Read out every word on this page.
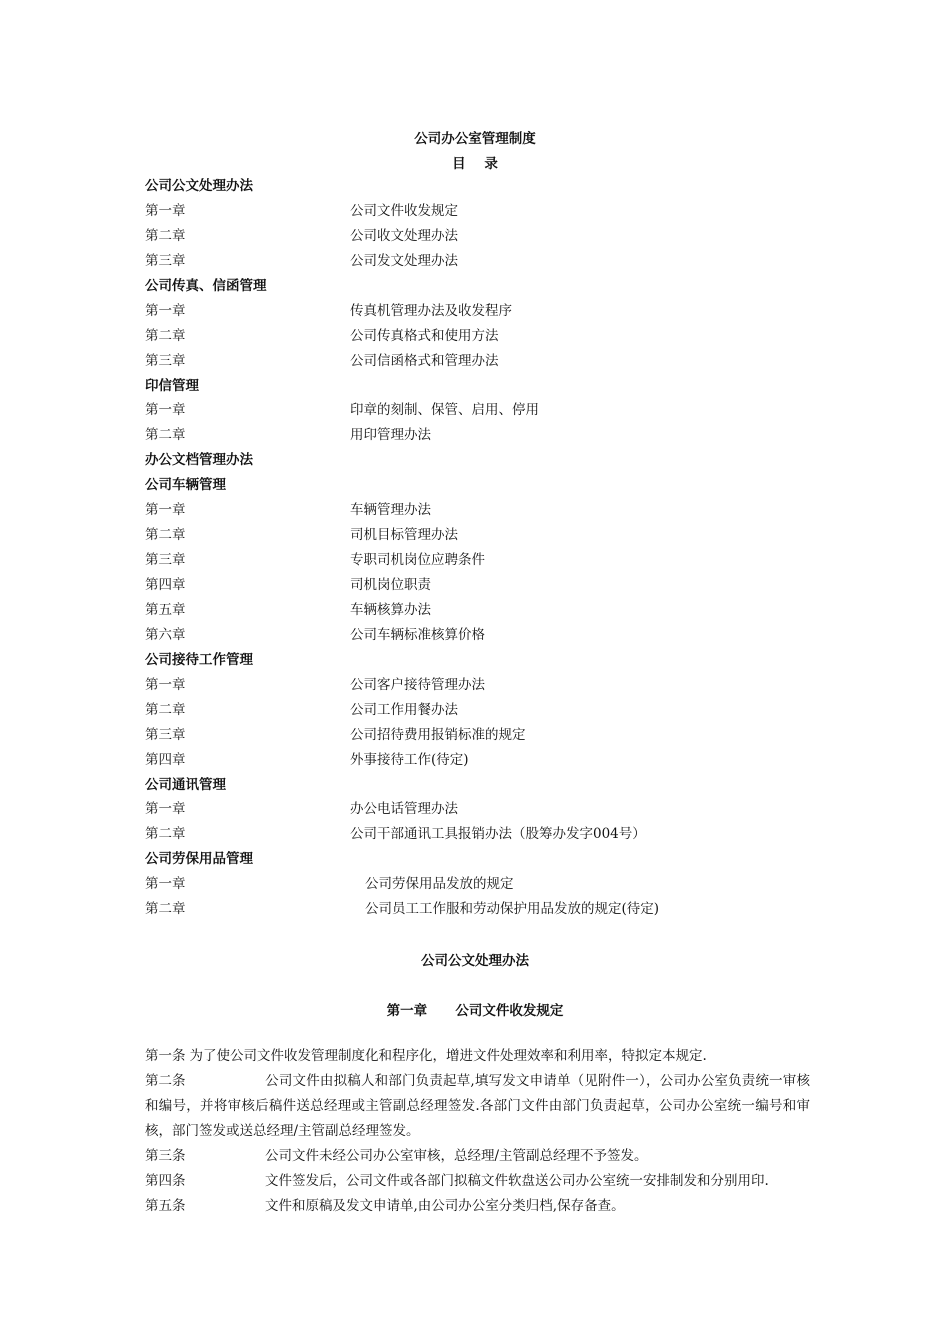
公司办公室管理制度
目    录
公司公文处理办法
第一章	公司文件收发规定
第二章	公司收文处理办法
第三章	公司发文处理办法
公司传真、信函管理
第一章	传真机管理办法及收发程序
第二章	公司传真格式和使用方法
第三章	公司信函格式和管理办法
印信管理
第一章	印章的刻制、保管、启用、停用
第二章	用印管理办法
办公文档管理办法
公司车辆管理
第一章	车辆管理办法
第二章	司机目标管理办法
第三章	专职司机岗位应聘条件
第四章	司机岗位职责
第五章	车辆核算办法
第六章	公司车辆标准核算价格
公司接待工作管理
第一章	公司客户接待管理办法
第二章	公司工作用餐办法
第三章	公司招待费用报销标准的规定
第四章	外事接待工作(待定)
公司通讯管理
第一章	办公电话管理办法
第二章	公司干部通讯工具报销办法（股筹办发字004号）
公司劳保用品管理
第一章	公司劳保用品发放的规定
第二章	公司员工工作服和劳动保护用品发放的规定(待定)
公司公文处理办法
第一章      公司文件收发规定
第一条 为了使公司文件收发管理制度化和程序化，增进文件处理效率和利用率，特拟定本规定.
第二条	公司文件由拟稿人和部门负责起草,填写发文申请单（见附件一），公司办公室负责统一审核和编号，并将审核后稿件送总经理或主管副总经理签发.各部门文件由部门负责起草，公司办公室统一编号和审核，部门签发或送总经理/主管副总经理签发。
第三条	公司文件未经公司办公室审核，总经理/主管副总经理不予签发。
第四条	文件签发后，公司文件或各部门拟稿文件软盘送公司办公室统一安排制发和分别用印.
第五条	文件和原稿及发文申请单,由公司办公室分类归档,保存备查。
